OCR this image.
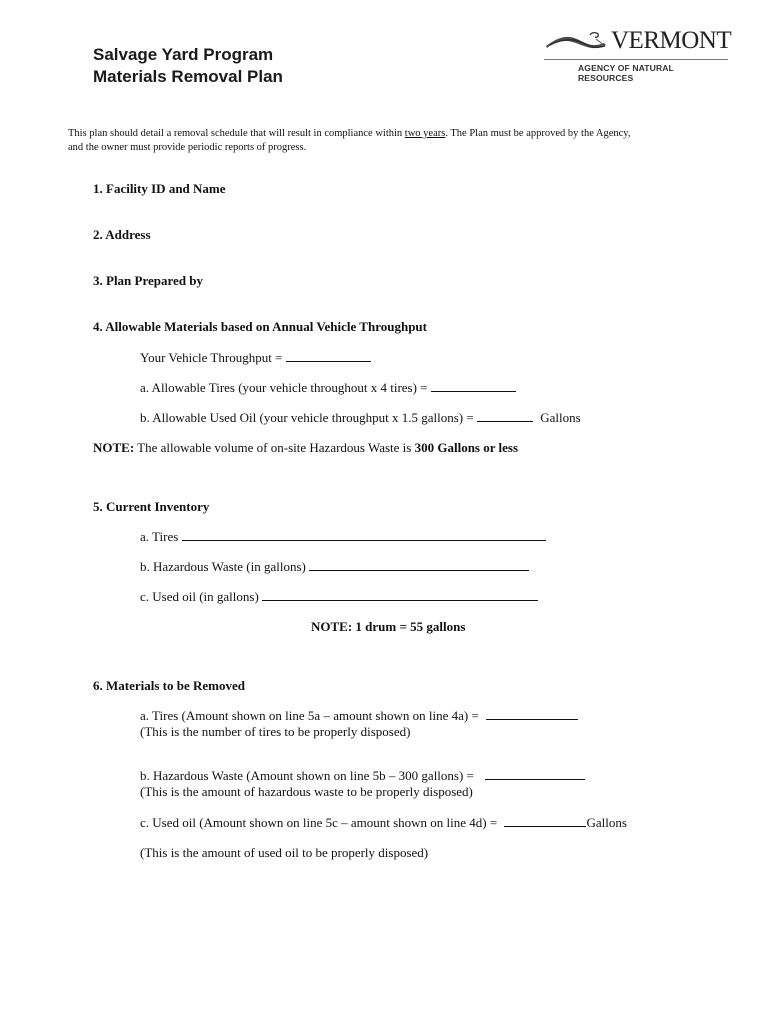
Salvage Yard Program
Materials Removal Plan
VERMONT
AGENCY OF NATURAL RESOURCES
This plan should detail a removal schedule that will result in compliance within two years. The Plan must be approved by the Agency,
and the owner must provide periodic reports of progress.
1. Facility ID and Name
2. Address
3. Plan Prepared by
4. Allowable Materials based on Annual Vehicle Throughput
Your Vehicle Throughput =
a. Allowable Tires (your vehicle throughout x 4 tires) =
b. Allowable Used Oil (your vehicle throughput x 1.5 gallons) =	Gallons
NOTE: The allowable volume of on-site Hazardous Waste is 300 Gallons or less
5. Current Inventory
a. Tires
b. Hazardous Waste (in gallons)
c. Used oil (in gallons)
NOTE: 1 drum = 55 gallons
6. Materials to be Removed
a. Tires (Amount shown on line 5a – amount shown on line 4a) =
(This is the number of tires to be properly disposed)
b. Hazardous Waste (Amount shown on line 5b – 300 gallons) =
(This is the amount of hazardous waste to be properly disposed)
c. Used oil (Amount shown on line 5c – amount shown on line 4d) =	Gallons
(This is the amount of used oil to be properly disposed)
